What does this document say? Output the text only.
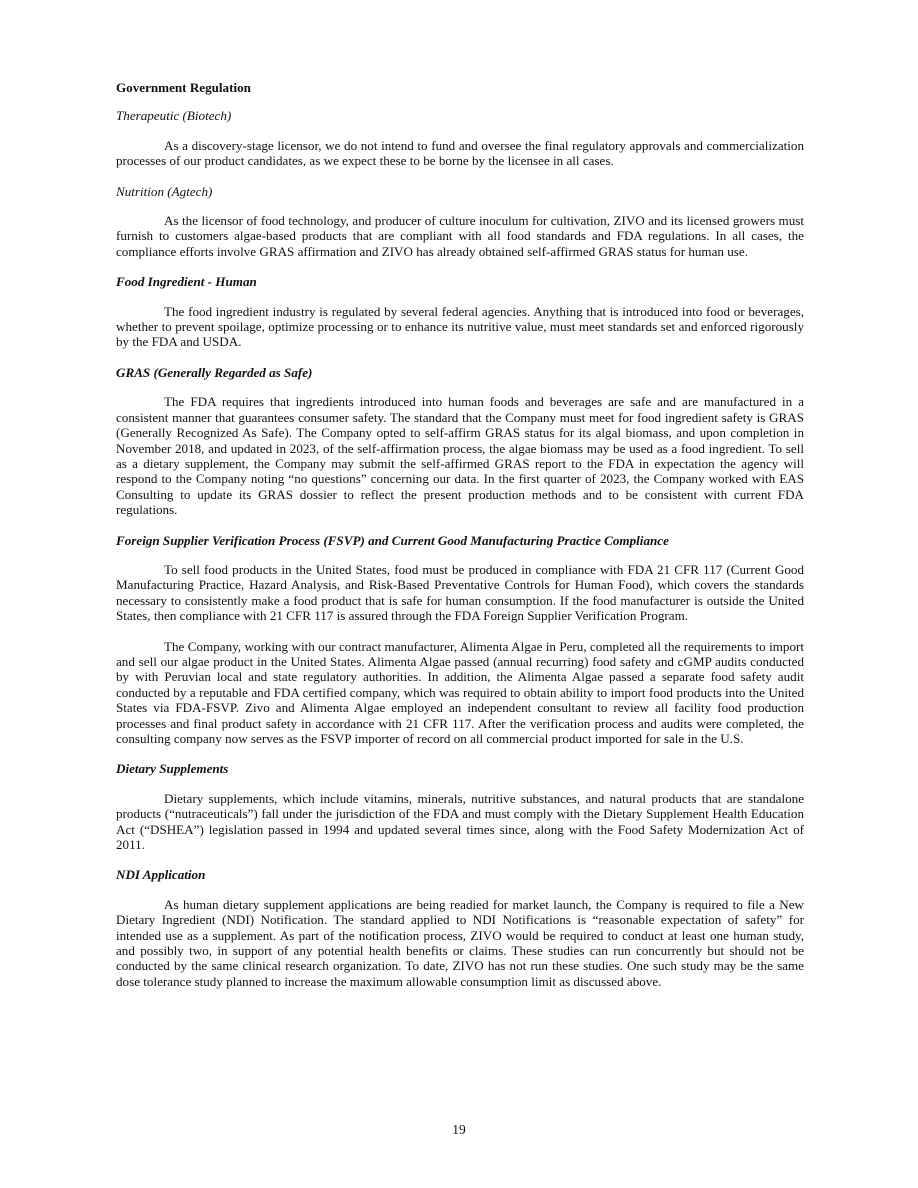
Government Regulation
Therapeutic (Biotech)

As a discovery-stage licensor, we do not intend to fund and oversee the final regulatory approvals and commercialization processes of our product candidates, as we expect these to be borne by the licensee in all cases.

Nutrition (Agtech)

As the licensor of food technology, and producer of culture inoculum for cultivation, ZIVO and its licensed growers must furnish to customers algae-based products that are compliant with all food standards and FDA regulations. In all cases, the compliance efforts involve GRAS affirmation and ZIVO has already obtained self-affirmed GRAS status for human use.

Food Ingredient - Human

The food ingredient industry is regulated by several federal agencies. Anything that is introduced into food or beverages, whether to prevent spoilage, optimize processing or to enhance its nutritive value, must meet standards set and enforced rigorously by the FDA and USDA.

GRAS (Generally Regarded as Safe)

The FDA requires that ingredients introduced into human foods and beverages are safe and are manufactured in a consistent manner that guarantees consumer safety. The standard that the Company must meet for food ingredient safety is GRAS (Generally Recognized As Safe). The Company opted to self-affirm GRAS status for its algal biomass, and upon completion in November 2018, and updated in 2023, of the self-affirmation process, the algae biomass may be used as a food ingredient. To sell as a dietary supplement, the Company may submit the self-affirmed GRAS report to the FDA in expectation the agency will respond to the Company noting “no questions” concerning our data. In the first quarter of 2023, the Company worked with EAS Consulting to update its GRAS dossier to reflect the present production methods and to be consistent with current FDA regulations.

Foreign Supplier Verification Process (FSVP) and Current Good Manufacturing Practice Compliance

To sell food products in the United States, food must be produced in compliance with FDA 21 CFR 117 (Current Good Manufacturing Practice, Hazard Analysis, and Risk-Based Preventative Controls for Human Food), which covers the standards necessary to consistently make a food product that is safe for human consumption. If the food manufacturer is outside the United States, then compliance with 21 CFR 117 is assured through the FDA Foreign Supplier Verification Program.

The Company, working with our contract manufacturer, Alimenta Algae in Peru, completed all the requirements to import and sell our algae product in the United States. Alimenta Algae passed (annual recurring) food safety and cGMP audits conducted by with Peruvian local and state regulatory authorities. In addition, the Alimenta Algae passed a separate food safety audit conducted by a reputable and FDA certified company, which was required to obtain ability to import food products into the United States via FDA-FSVP. Zivo and Alimenta Algae employed an independent consultant to review all facility food production processes and final product safety in accordance with 21 CFR 117. After the verification process and audits were completed, the consulting company now serves as the FSVP importer of record on all commercial product imported for sale in the U.S.

Dietary Supplements

Dietary supplements, which include vitamins, minerals, nutritive substances, and natural products that are standalone products (“nutraceuticals”) fall under the jurisdiction of the FDA and must comply with the Dietary Supplement Health Education Act (“DSHEA”) legislation passed in 1994 and updated several times since, along with the Food Safety Modernization Act of 2011.

NDI Application

As human dietary supplement applications are being readied for market launch, the Company is required to file a New Dietary Ingredient (NDI) Notification. The standard applied to NDI Notifications is “reasonable expectation of safety” for intended use as a supplement. As part of the notification process, ZIVO would be required to conduct at least one human study, and possibly two, in support of any potential health benefits or claims. These studies can run concurrently but should not be conducted by the same clinical research organization. To date, ZIVO has not run these studies. One such study may be the same dose tolerance study planned to increase the maximum allowable consumption limit as discussed above.

19
